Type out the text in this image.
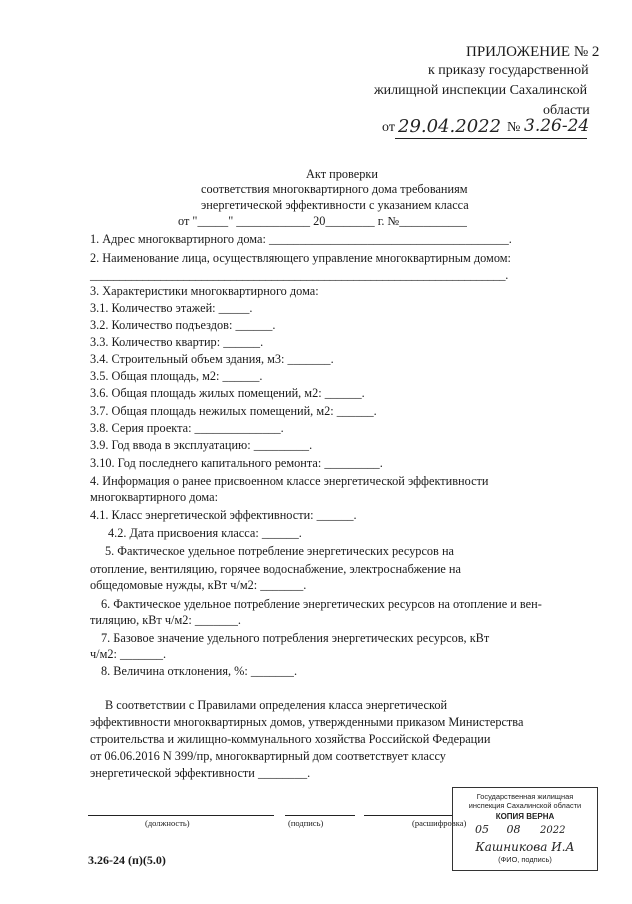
ПРИЛОЖЕНИЕ № 2
к приказу государственной
жилищной инспекции Сахалинской
области
от 29.04.2022 № 3.26-24
Акт проверки
соответствия многоквартирного дома требованиям
энергетической эффективности с указанием класса
от "_____" ____________ 20________ г. №___________
1. Адрес многоквартирного дома: _______________________________________.
2. Наименование лица, осуществляющего управление многоквартирным домом:
_______________________________________________________________________.
3. Характеристики многоквартирного дома:
3.1. Количество этажей: _____.
3.2. Количество подъездов: ______.
3.3. Количество квартир: ______.
3.4. Строительный объем здания, м3: _______.
3.5. Общая площадь, м2: ______.
3.6. Общая площадь жилых помещений, м2: ______.
3.7. Общая площадь нежилых помещений, м2: ______.
3.8. Серия проекта: ______________.
3.9. Год ввода в эксплуатацию: _________.
3.10. Год последнего капитального ремонта: _________.
4. Информация о ранее присвоенном классе энергетической эффективности
многоквартирного дома:
4.1. Класс энергетической эффективности: ______.
4.2. Дата присвоения класса: ______.
5. Фактическое удельное потребление энергетических ресурсов на
отопление, вентиляцию, горячее водоснабжение, электроснабжение на
общедомовые нужды, кВт ч/м2: _______.
6. Фактическое удельное потребление энергетических ресурсов на отопление и вен-
тиляцию, кВт ч/м2: _______.
7. Базовое значение удельного потребления энергетических ресурсов, кВт
ч/м2: _______.
8. Величина отклонения, %: _______.
В соответствии с Правилами определения класса энергетической
эффективности многоквартирных домов, утвержденными приказом Министерства
строительства и жилищно-коммунального хозяйства Российской Федерации
от 06.06.2016 N 399/пр, многоквартирный дом соответствует классу
энергетической эффективности ________.
(должность)	(подпись)	(расшифровка)
Государственная жилищная
инспекция Сахалинской области
КОПИЯ ВЕРНА
05 08 2022
Кашникова И.А
(ФИО, подпись)
3.26-24 (п)(5.0)
